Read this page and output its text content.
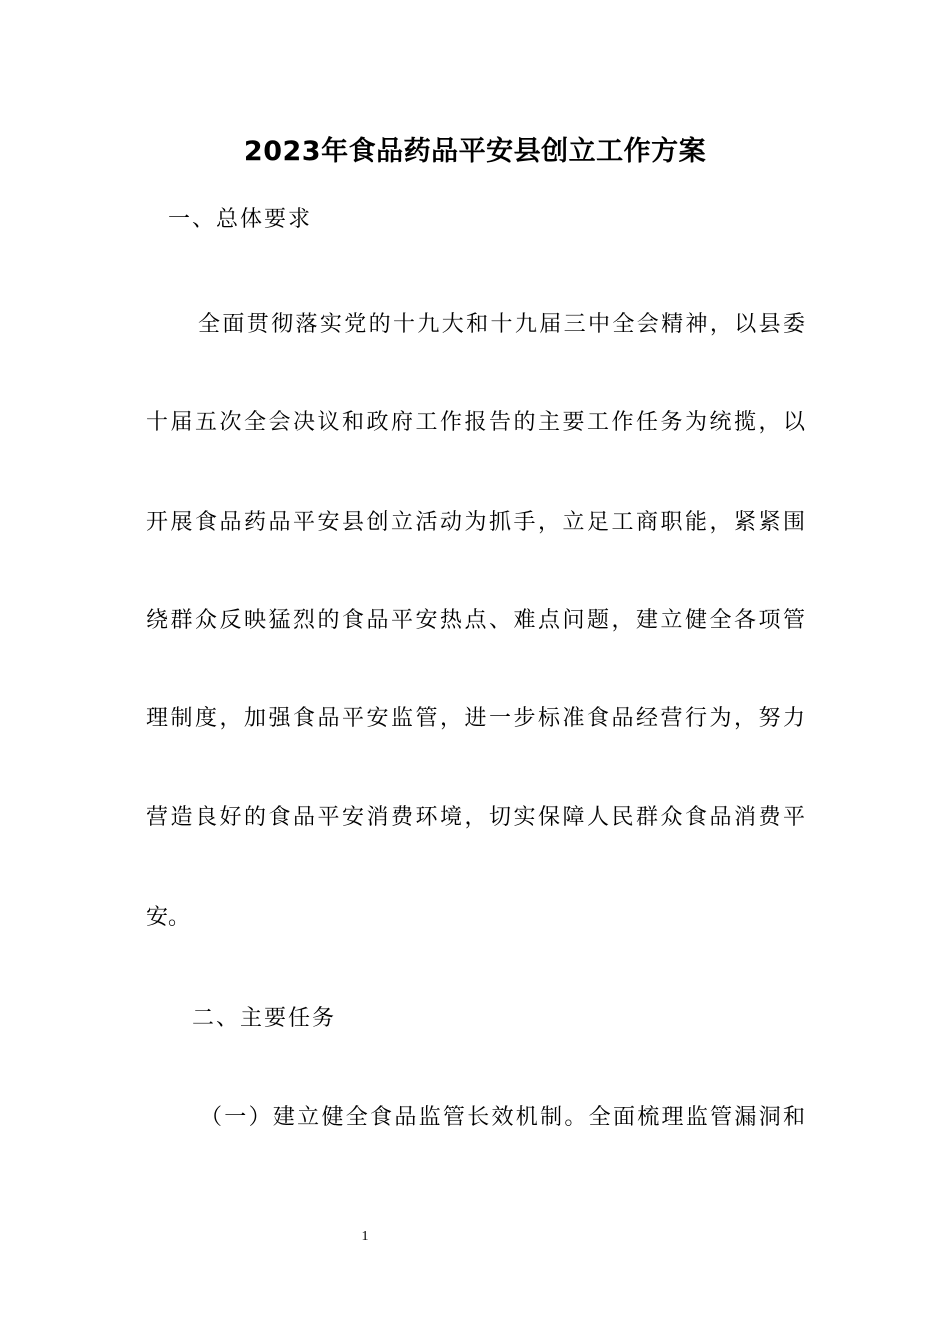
2023年食品药品平安县创立工作方案
一、总体要求
全面贯彻落实党的十九大和十九届三中全会精神，以县委
十届五次全会决议和政府工作报告的主要工作任务为统揽，以
开展食品药品平安县创立活动为抓手，立足工商职能，紧紧围
绕群众反映猛烈的食品平安热点、难点问题，建立健全各项管
理制度，加强食品平安监管，进一步标准食品经营行为，努力
营造良好的食品平安消费环境，切实保障人民群众食品消费平
安。
二、主要任务
（一）建立健全食品监管长效机制。全面梳理监管漏洞和
1
